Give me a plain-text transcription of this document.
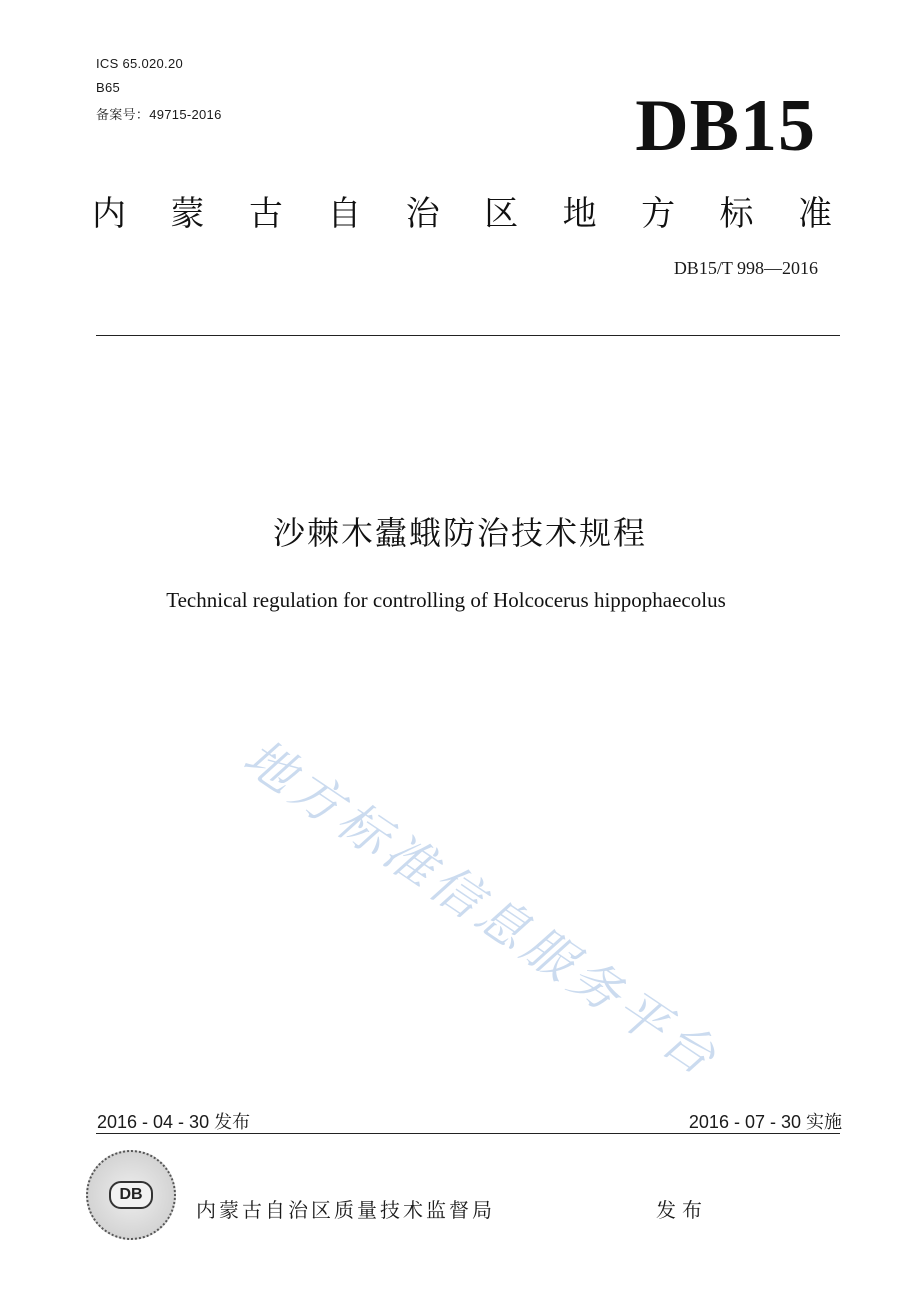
ICS 65.020.20
B65
备案号：49715-2016	DB15
内 蒙 古 自 治 区 地 方 标 准
DB15/T 998—2016
沙棘木蠹蛾防治技术规程
Technical regulation for controlling of Holcocerus hippophaecolus
地方标准信息服务平台
2016 - 04 - 30 发布	2016 - 07 - 30 实施
DB
内蒙古自治区质量技术监督局	发布
